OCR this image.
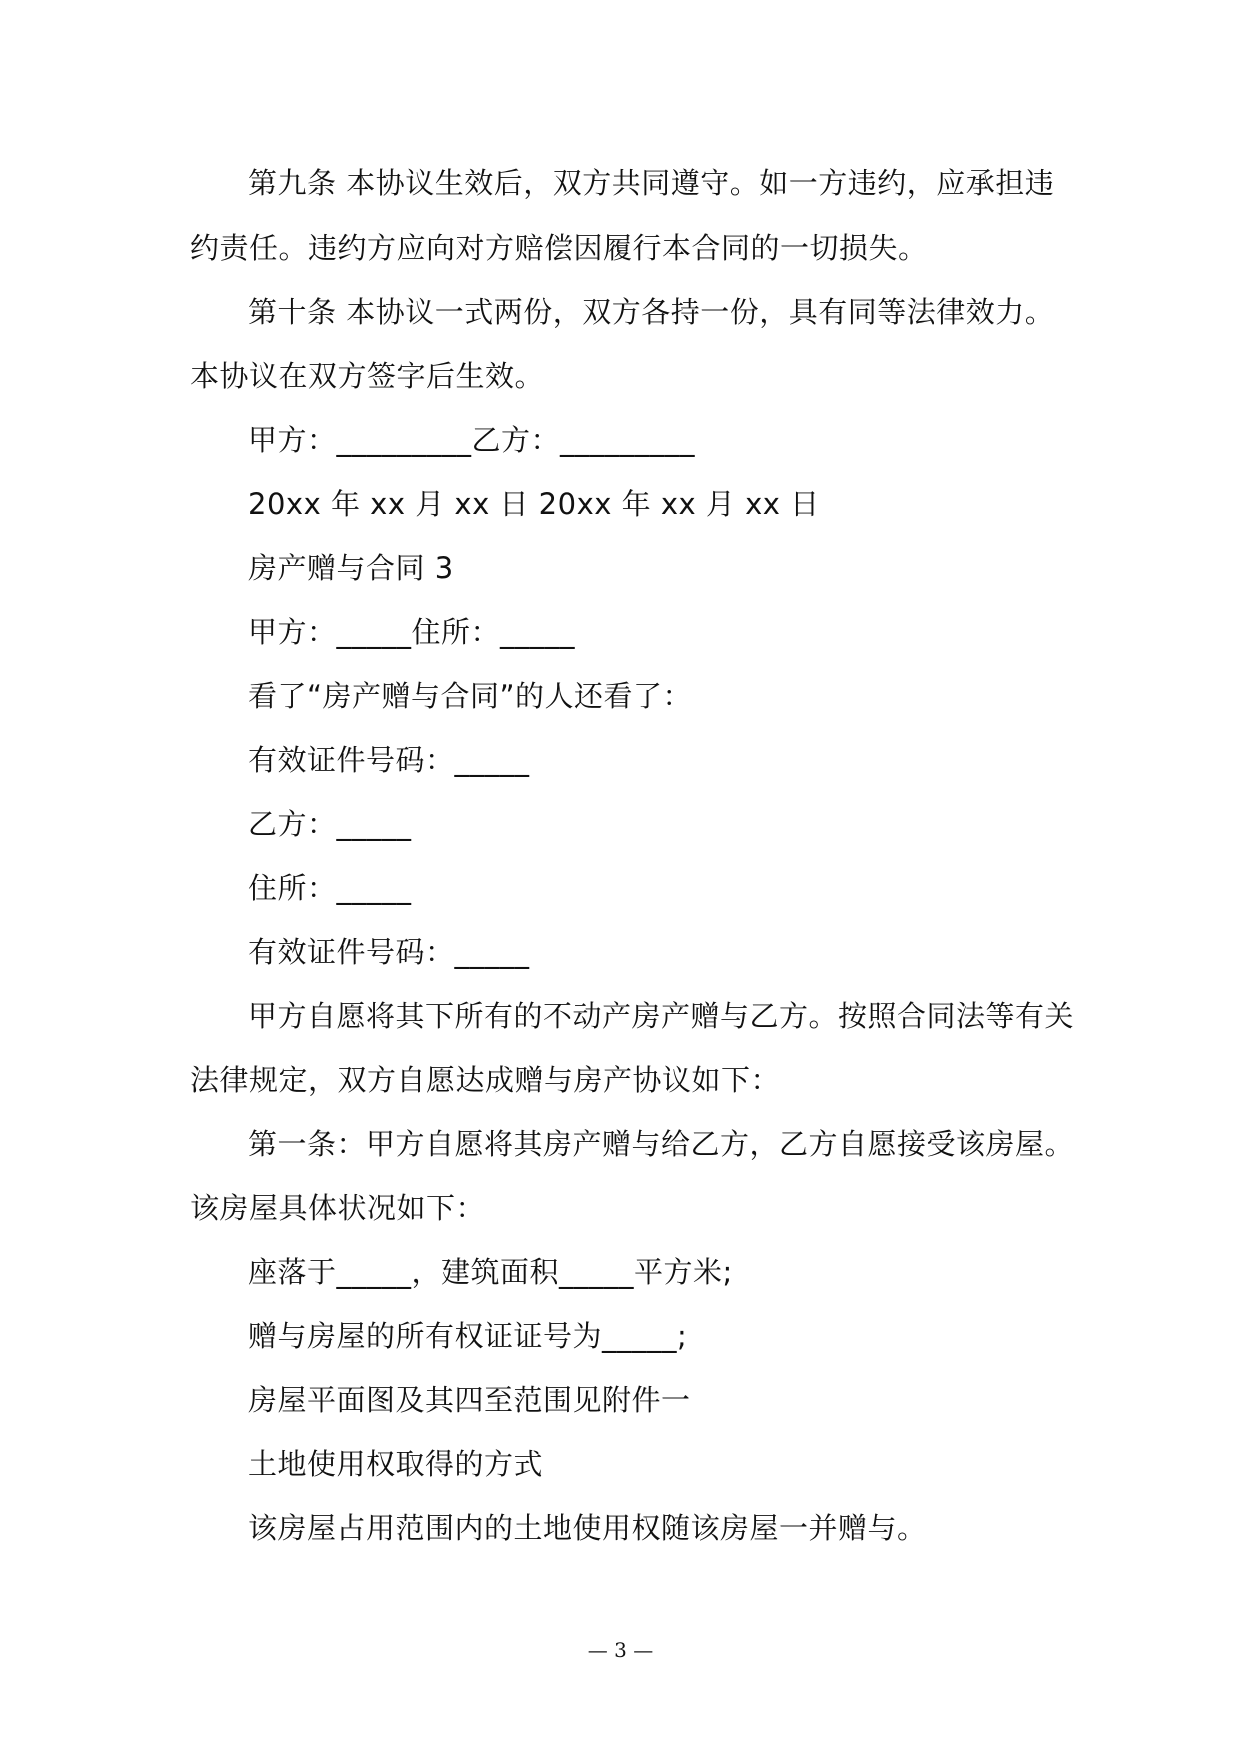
第九条 本协议生效后，双方共同遵守。如一方违约，应承担违

约责任。违约方应向对方赔偿因履行本合同的一切损失。

第十条 本协议一式两份，双方各持一份，具有同等法律效力。

本协议在双方签字后生效。

甲方：_________乙方：_________

20xx 年 xx 月 xx 日 20xx 年 xx 月 xx 日

房产赠与合同 3

甲方：_____住所：_____

看了“房产赠与合同”的人还看了：

有效证件号码：_____

乙方：_____

住所：_____

有效证件号码：_____

甲方自愿将其下所有的不动产房产赠与乙方。按照合同法等有关

法律规定，双方自愿达成赠与房产协议如下：

第一条：甲方自愿将其房产赠与给乙方，乙方自愿接受该房屋。

该房屋具体状况如下：

座落于_____，建筑面积_____平方米;

赠与房屋的所有权证证号为_____;

房屋平面图及其四至范围见附件一

土地使用权取得的方式

该房屋占用范围内的土地使用权随该房屋一并赠与。

— 3 —
